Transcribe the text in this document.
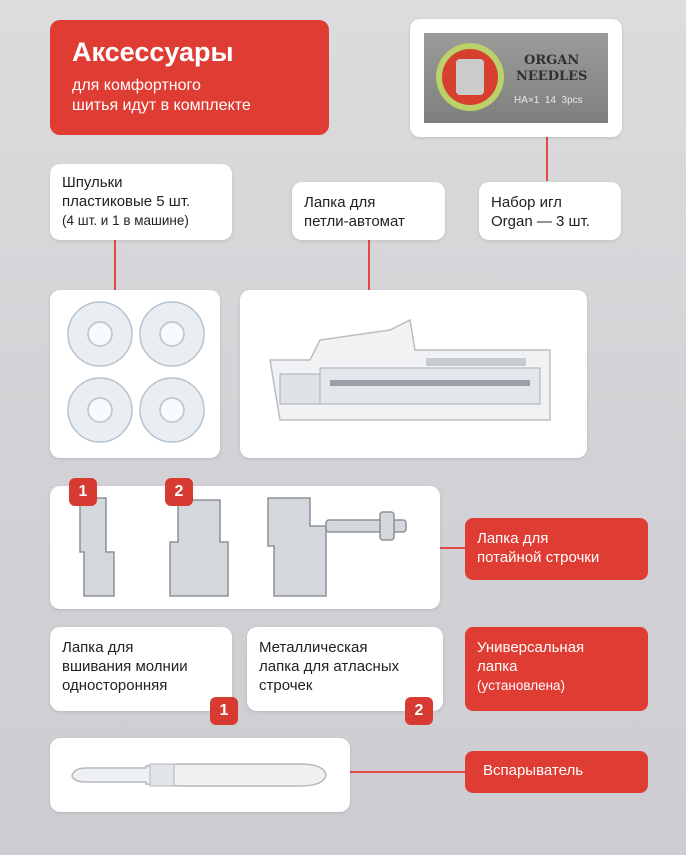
Аксессуары
для комфортного
шитья идут в комплекте
ORGAN
NEEDLES
HA×1  14  3pcs
Шпульки
пластиковые 5 шт.
(4 шт. и 1 в машине)
Лапка для
петли-автомат
Набор игл
Organ — 3 шт.
1	2
Лапка для
потайной строчки
Лапка для
вшивания молнии
односторонняя
1
Металлическая
лапка для атласных
строчек
2
Универсальная
лапка
(установлена)
Вспарыватель
